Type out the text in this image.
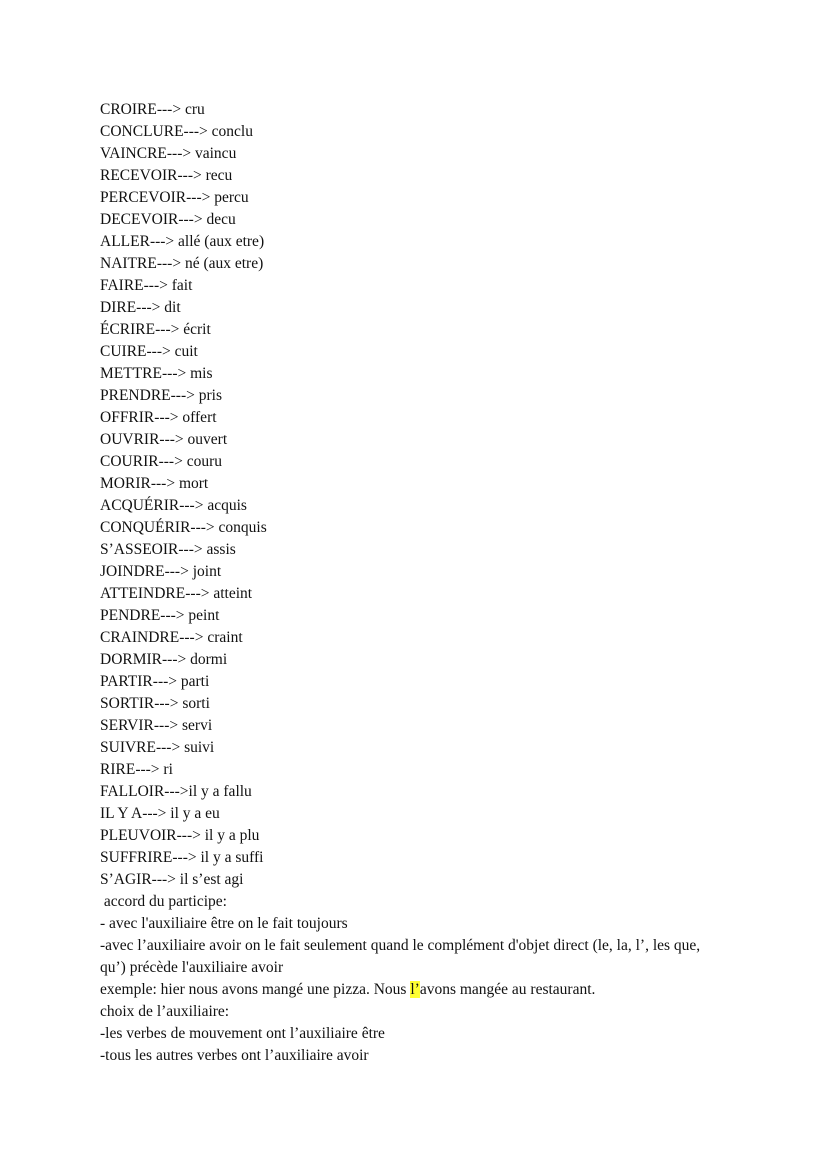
CROIRE---> cru
CONCLURE---> conclu
VAINCRE---> vaincu
RECEVOIR---> recu
PERCEVOIR---> percu
DECEVOIR---> decu
ALLER---> allé (aux etre)
NAITRE---> né (aux etre)
FAIRE---> fait
DIRE---> dit
ÉCRIRE---> écrit
CUIRE---> cuit
METTRE---> mis
PRENDRE---> pris
OFFRIR---> offert
OUVRIR---> ouvert
COURIR---> couru
MORIR---> mort
ACQUÉRIR---> acquis
CONQUÉRIR---> conquis
S’ASSEOIR---> assis
JOINDRE---> joint
ATTEINDRE---> atteint
PENDRE---> peint
CRAINDRE---> craint
DORMIR---> dormi
PARTIR---> parti
SORTIR---> sorti
SERVIR---> servi
SUIVRE---> suivi
RIRE---> ri
FALLOIR--->il y a fallu
IL Y A---> il y a eu
PLEUVOIR---> il y a plu
SUFFRIRE---> il y a suffi
S’AGIR---> il s’est agi
accord du participe:
- avec l'auxiliaire être on le fait toujours
-avec l’auxiliaire avoir on le fait seulement quand le complément d'objet direct (le, la, l’, les que, qu’) précède l'auxiliaire avoir
exemple: hier nous avons mangé une pizza. Nous l’avons mangée au restaurant.
choix de l’auxiliaire:
-les verbes de mouvement ont l’auxiliaire être
-tous les autres verbes ont l’auxiliaire avoir
